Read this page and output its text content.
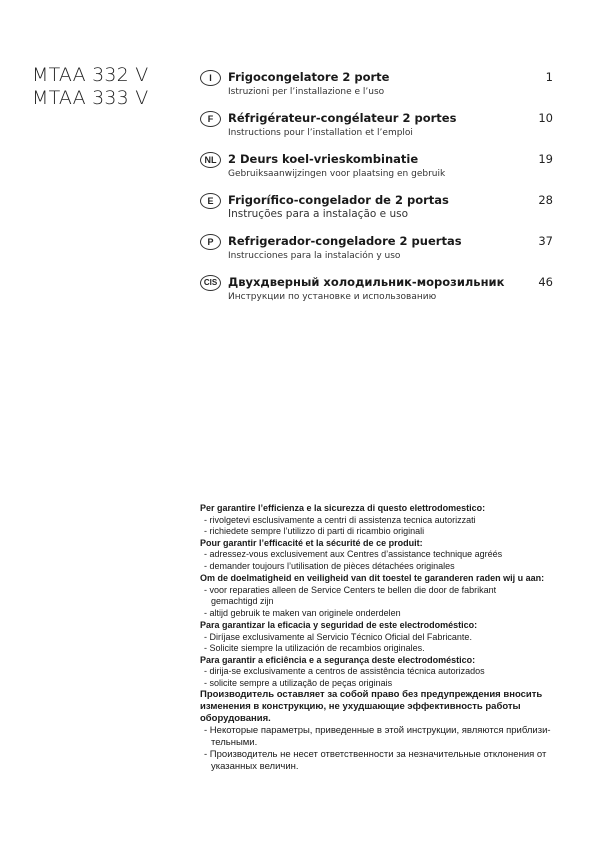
MTAA 332 V
MTAA 333 V
I	Frigocongelatore 2 porte
Istruzioni per l’installazione e l’uso
1
F	Réfrigérateur-congélateur 2 portes
Instructions pour l’installation et l’emploi
10
NL	2 Deurs koel-vrieskombinatie
Gebruiksaanwijzingen voor plaatsing en gebruik
19
E	Frigorífico-congelador de 2 portas
Instruções para a instalação e uso
28
P	Refrigerador-congeladore 2 puertas
Instrucciones para la instalación y uso
37
CIS Двухдверный холодильник-морозильник
Инструкции по установке и использованию
46
Per garantire l’efficienza e la sicurezza di questo elettrodomestico:
- rivolgetevi esclusivamente a centri di assistenza tecnica autorizzati
- richiedete sempre l’utilizzo di parti di ricambio originali
Pour garantir l’efficacité et la sécurité de ce produit:
- adressez-vous exclusivement aux Centres d’assistance technique agréés
- demander toujours l’utilisation de pièces détachées originales
Om de doelmatigheid en veiligheid van dit toestel te garanderen raden wij u aan:
- voor reparaties alleen de Service Centers te bellen die door de fabrikant
gemachtigd zijn
- altijd gebruik te maken van originele onderdelen
Para garantizar la eficacia y seguridad de este electrodoméstico:
- Diríjase exclusivamente al Servicio Técnico Oficial del Fabricante.
- Solicite siempre la utilización de recambios originales.
Para garantir a eficiência e a segurança deste electrodoméstico:
- dirija-se exclusivamente a centros de assistência técnica autorizados
- solicite sempre a utilização de peças originais
Производитель оставляет за собой право без предупреждения вносить
изменения в конструкцию, не ухудшающие эффективность работы
оборудования.
- Некоторые параметры, приведенные в этой инструкции, являются приблизи-
тельными.
- Производитель не несет ответственности за незначительные отклонения от
указанных величин.
